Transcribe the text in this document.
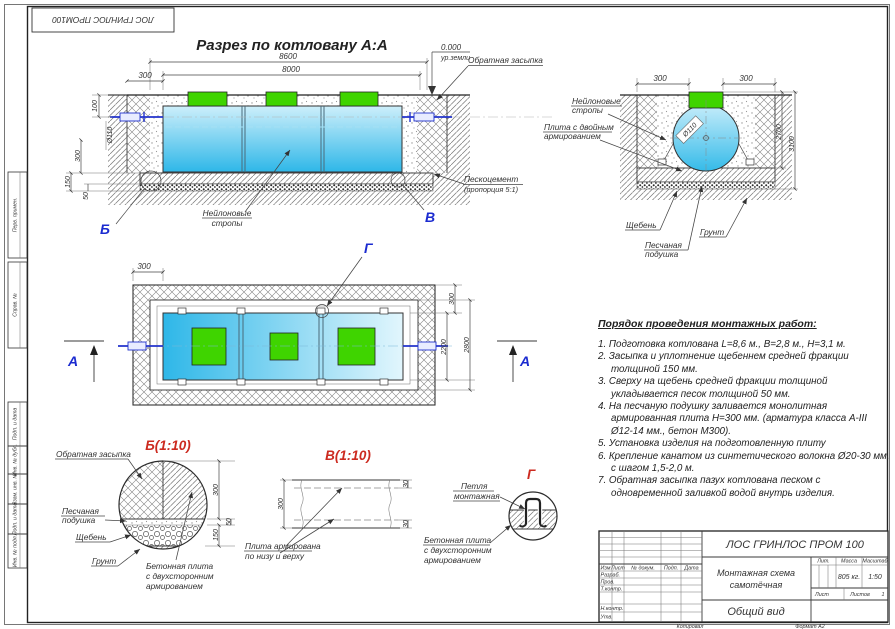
ЛОС ГРИНЛОС ПРОМ100
Перв. примен.
Справ. №
Подп. и дата
Инв. № дубл.
Взам. инв. №
Подп. и дата
Инв. № подл.
Разрез по котловану А:А
8600
8000
300
100
Ø110
300
150
50
0.000
ур.земли
Обратная засыпка
Пескоцемент
(пропорция 5:1)
Нейлоновые
стропы
Б
В
Ø110
300	300
2700
3100
Нейлоновые
стропы
Плита с двойным
армированием
Щебень
Грунт
Песчаная
подушка
300
300
2200 2800
Г
А	А
Б(1:10)
Обратная засыпка
Песчаная
подушка
Щебень
Грунт	Бетонная плита
с двухсторонним
армированием
300
150
50
В(1:10)
300
30
30
Плита армирована
по низу и верху
Г
Петля
монтажная
Бетонная плита
с двухсторонним
армированием
ЛОС ГРИНЛОС ПРОМ 100
Монтажная схема
самотёчная
Общий вид
Изм Лист № докум. Подп. Дата
Разраб.
Пров.
Т.контр.
Н.контр.
Утв.
Лит. Масса Масштаб
805 кг. 1:50
Лист	Листов 1
Копировал	Формат А2
Порядок проведения монтажных работ:
1. Подготовка котлована L=8,6 м., В=2,8 м., Н=3,1 м.
2. Засыпка и уплотнение щебеннем средней фракции толщиной 150 мм.
3. Сверху на щебень средней фракции толщиной укладывается песок толщиной 50 мм.
4. На песчаную подушку заливается монолитная армированная плита Н=300 мм. (арматура класса А-III Ø12-14 мм., бетон М300).
5. Установка изделия на подготовленную плиту
6. Крепление канатом из синтетического волокна Ø20-30 мм. с шагом 1,5-2,0 м.
7. Обратная засыпка пазух котлована песком с одновременной заливкой водой внутрь изделия.
